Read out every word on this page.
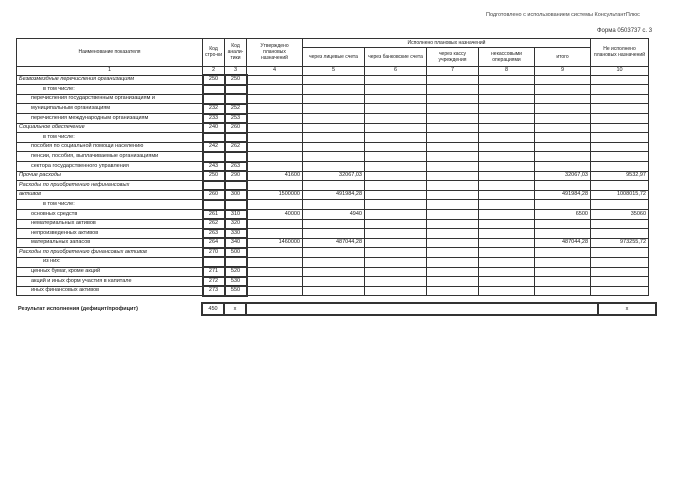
Подготовлено с использованием системы КонсультантПлюс
Форма 0503737 с. 3
Наименование показателя	Код стро-ки	Код анали-тики	Утверждено плановых назначений	Исполнено плановых назначений					Не исполнено плановых назначений
				через лицевые счета	через банковские счета	через кассу учреждения	некассовыми операциями	итого	
1	2	3	4	5	6	7	8	9	10
Безвозмездные перечисления организациям	250	250							
в том числе:									
перечисления государственным организациям и									
муниципальным организациям	232	252							
перечисления международным организациям	233	253							
Социальное обеспечение	240	260							
в том числе:									
пособия по социальной помощи населению	242	262							
пенсии, пособия, выплачиваемые организациями									
сектора государственного управления	243	263							
Прочие расходы	250	290	41600	32067,03				32067,03	9532,97
Расходы по приобретению нефинансовых									
активов	260	300	1500000	491984,28				491984,28	1008015,72
в том числе:									
основных средств	261	310	40000	4940				6500	35060
нематериальных активов	262	320							
непроизведенных активов	263	330							
материальных запасов	264	340	1460000	487044,28				487044,28	973255,72
Расходы по приобретению финансовых активов	270	500							
из них:									
ценных бумаг, кроме акций	271	520							
акций и иных форм участия в капитале	272	530							
иных финансовых активов	273	550							
Результат исполнения (дефицит/профицит)	450	x		x
